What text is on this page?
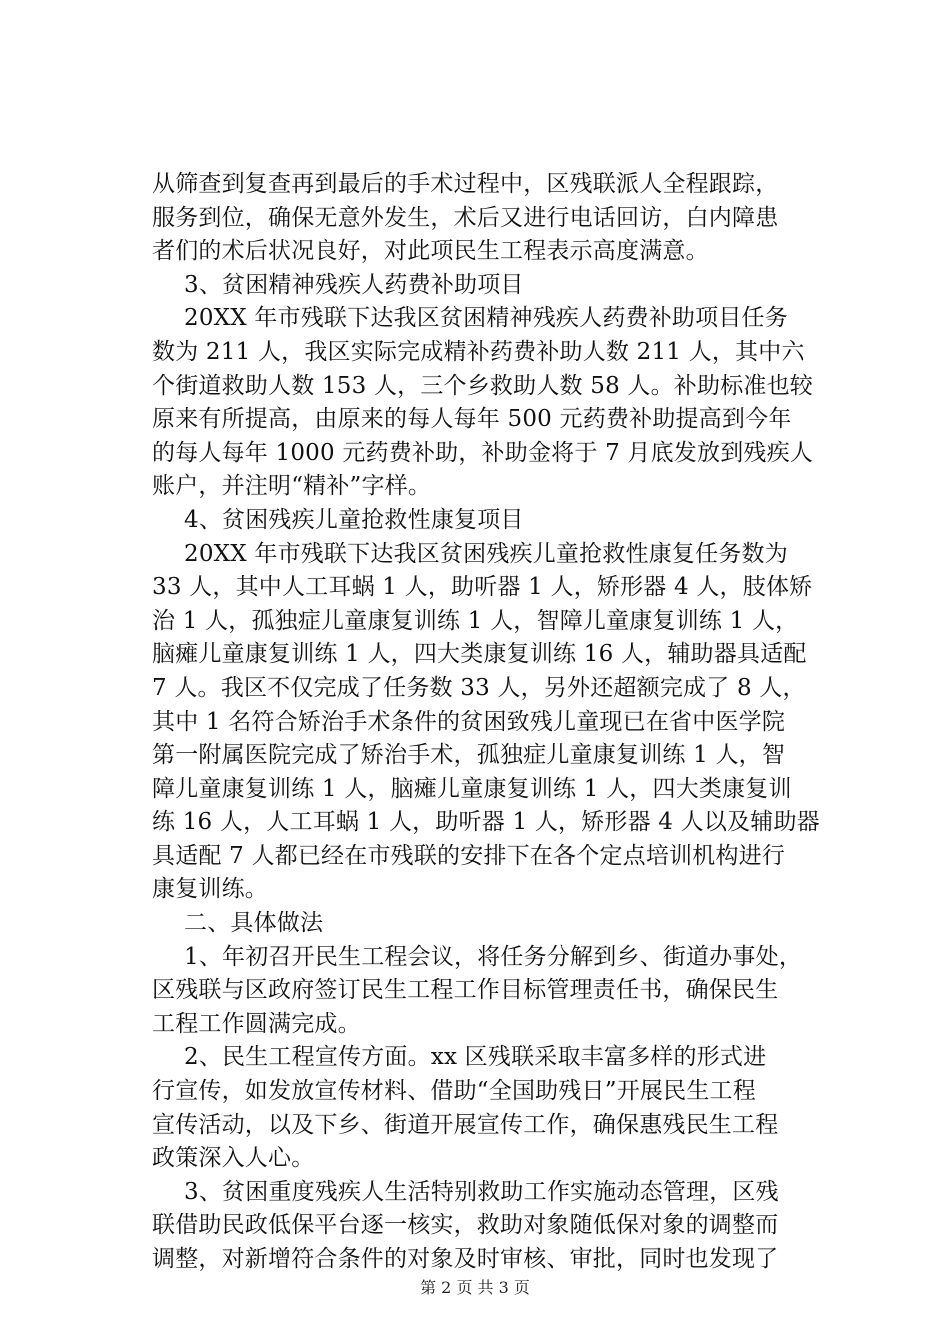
从筛查到复查再到最后的手术过程中，区残联派人全程跟踪，
服务到位，确保无意外发生，术后又进行电话回访，白内障患
者们的术后状况良好，对此项民生工程表示高度满意。
3、贫困精神残疾人药费补助项目
20XX 年市残联下达我区贫困精神残疾人药费补助项目任务
数为 211 人，我区实际完成精补药费补助人数 211 人，其中六
个街道救助人数 153 人，三个乡救助人数 58 人。补助标准也较
原来有所提高，由原来的每人每年 500 元药费补助提高到今年
的每人每年 1000 元药费补助，补助金将于 7 月底发放到残疾人
账户，并注明“精补”字样。
4、贫困残疾儿童抢救性康复项目
20XX 年市残联下达我区贫困残疾儿童抢救性康复任务数为
33 人，其中人工耳蜗 1 人，助听器 1 人，矫形器 4 人，肢体矫
治 1 人，孤独症儿童康复训练 1 人，智障儿童康复训练 1 人，
脑瘫儿童康复训练 1 人，四大类康复训练 16 人，辅助器具适配
7 人。我区不仅完成了任务数 33 人，另外还超额完成了 8 人，
其中 1 名符合矫治手术条件的贫困致残儿童现已在省中医学院
第一附属医院完成了矫治手术，孤独症儿童康复训练 1 人，智
障儿童康复训练 1 人，脑瘫儿童康复训练 1 人，四大类康复训
练 16 人，人工耳蜗 1 人，助听器 1 人，矫形器 4 人以及辅助器
具适配 7 人都已经在市残联的安排下在各个定点培训机构进行
康复训练。
二、具体做法
1、年初召开民生工程会议，将任务分解到乡、街道办事处，
区残联与区政府签订民生工程工作目标管理责任书，确保民生
工程工作圆满完成。
2、民生工程宣传方面。xx 区残联采取丰富多样的形式进
行宣传，如发放宣传材料、借助“全国助残日”开展民生工程
宣传活动，以及下乡、街道开展宣传工作，确保惠残民生工程
政策深入人心。
3、贫困重度残疾人生活特别救助工作实施动态管理，区残
联借助民政低保平台逐一核实，救助对象随低保对象的调整而
调整，对新增符合条件的对象及时审核、审批，同时也发现了
第 2 页 共 3 页
